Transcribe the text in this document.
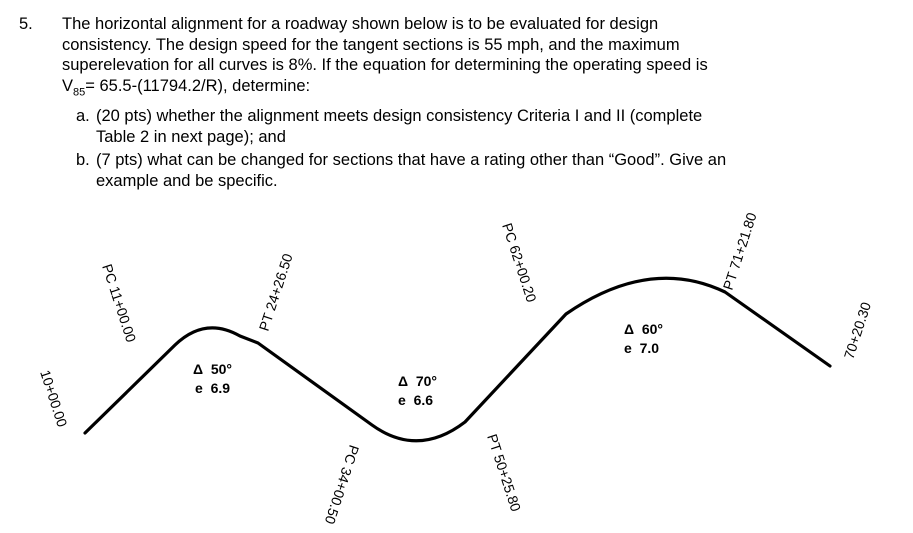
5. The horizontal alignment for a roadway shown below is to be evaluated for design
consistency. The design speed for the tangent sections is 55 mph, and the maximum
superelevation for all curves is 8%. If the equation for determining the operating speed is
$V_{85}= 65.5-(11794.2/R)$, determine:
a. (20 pts) whether the alignment meets design consistency Criteria I and II (complete
Table 2 in next page); and
b. (7 pts) what can be changed for sections that have a rating other than “Good”. Give an
example and be specific.
10+00.00
PC 11+00.00	PT 24+26.50
PC 34+00.50	PT 50+25.80
PC 62+00.20	PT 71+21.80
70+20.30
Δ  50°
e  6.9	Δ  70°
e  6.6
Δ  60°
e  7.0
